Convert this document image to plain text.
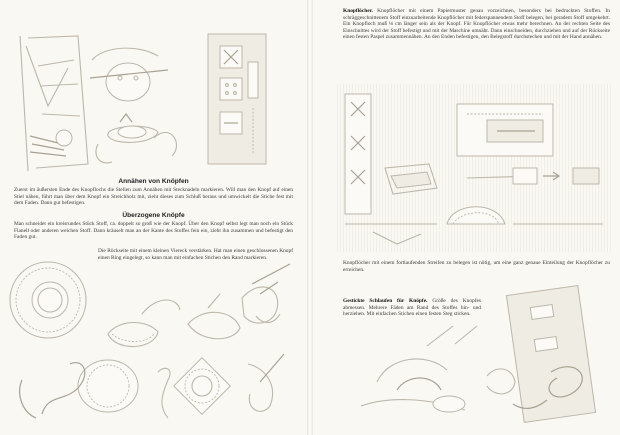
Annähen von Knöpfen

Zuerst im äußersten Ende des Knopflochs die Stellen zum Annähen mit Stecknadeln markieren. Will man den Knopf auf einen Stiel nähen, führt man über dem Knopf ein Streichholz mit, zieht dieses zum Schluß heraus und umwickelt die Stiche fest mit dem Faden. Dann gut befestigen.

Überzogene Knöpfe

Man schneidet ein kreisrundes Stück Stoff, ca. doppelt so groß wie der Knopf. Über den Knopf selbst legt man noch ein Stück Flanell oder anderen weichen Stoff. Dann kräuselt man an der Kante des Stoffes fein ein, zieht ihn zusammen und befestigt den Faden gut.

Die Rückseite mit einem kleinen Viereck verstärken. Hat man einen geschlossenen Knopf einen Ring eingelegt, so kann man mit einfachen Stichen den Rand markieren.

Knopflöcher. Knopflöcher mit einem Papiermuster genau vorzeichnen, besonders bei bedruckten Stoffen. In schräggeschnittenem Stoff einzuarbeitende Knopflöcher mit federspannendem Stoff belegen, bei geradem Stoff umgekehrt. Ein Knopfloch muß ⅛ cm länger sein als der Knopf. Für Knopflöcher etwas mehr berechnen. An der rechten Seite des Einschnittes wird der Stoff befestigt und mit der Maschine umnäht. Dann einschneiden, durchziehen und auf der Rückseite einen festen Paspel zusammennähen. An den Enden befestigen, den Belegstoff durchstechen und mit der Hand annähen.

Knopflöcher mit einem fortlaufenden Streifen zu belegen ist nötig, um eine ganz genaue Einteilung der Knopflöcher zu erreichen.

Gestickte Schlaufen für Knöpfe. Größe des Knopfes abmessen. Mehrere Fäden am Rand des Stoffes hin- und herziehen. Mit einfachen Stichen einen festen Steg sticken.
